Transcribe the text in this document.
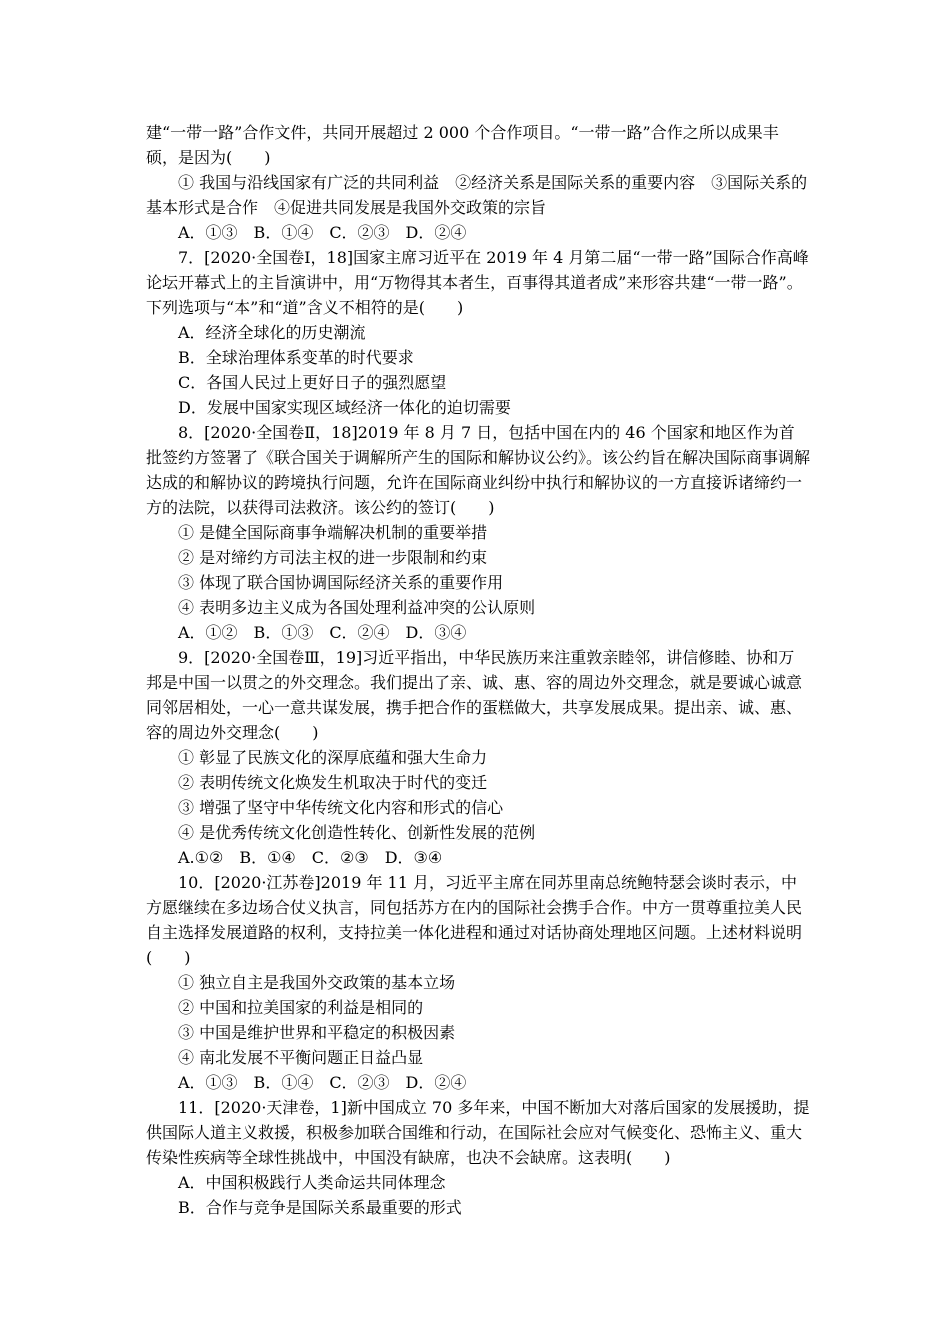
建“一带一路”合作文件，共同开展超过 2 000 个合作项目。“一带一路”合作之所以成果丰硕，是因为(　　)

① 我国与沿线国家有广泛的共同利益　②经济关系是国际关系的重要内容　③国际关系的基本形式是合作　④促进共同发展是我国外交政策的宗旨

A．①③　B．①④　C．②③　D．②④

7．[2020·全国卷Ⅰ，18]国家主席习近平在 2019 年 4 月第二届“一带一路”国际合作高峰论坛开幕式上的主旨演讲中，用“万物得其本者生，百事得其道者成”来形容共建“一带一路”。下列选项与“本”和“道”含义不相符的是(　　)

A．经济全球化的历史潮流

B．全球治理体系变革的时代要求

C．各国人民过上更好日子的强烈愿望

D．发展中国家实现区域经济一体化的迫切需要

8．[2020·全国卷Ⅱ，18]2019 年 8 月 7 日，包括中国在内的 46 个国家和地区作为首批签约方签署了《联合国关于调解所产生的国际和解协议公约》。该公约旨在解决国际商事调解达成的和解协议的跨境执行问题，允许在国际商业纠纷中执行和解协议的一方直接诉诸缔约一方的法院，以获得司法救济。该公约的签订(　　)

① 是健全国际商事争端解决机制的重要举措

② 是对缔约方司法主权的进一步限制和约束

③ 体现了联合国协调国际经济关系的重要作用

④ 表明多边主义成为各国处理利益冲突的公认原则

A．①②　B．①③　C．②④　D．③④

9．[2020·全国卷Ⅲ，19]习近平指出，中华民族历来注重敦亲睦邻，讲信修睦、协和万邦是中国一以贯之的外交理念。我们提出了亲、诚、惠、容的周边外交理念，就是要诚心诚意同邻居相处，一心一意共谋发展，携手把合作的蛋糕做大，共享发展成果。提出亲、诚、惠、容的周边外交理念(　　)

① 彰显了民族文化的深厚底蕴和强大生命力

② 表明传统文化焕发生机取决于时代的变迁

③ 增强了坚守中华传统文化内容和形式的信心

④ 是优秀传统文化创造性转化、创新性发展的范例

A.①②　B．①④　C．②③　D．③④

10．[2020·江苏卷]2019 年 11 月，习近平主席在同苏里南总统鲍特瑟会谈时表示，中方愿继续在多边场合仗义执言，同包括苏方在内的国际社会携手合作。中方一贯尊重拉美人民自主选择发展道路的权利，支持拉美一体化进程和通过对话协商处理地区问题。上述材料说明(　　)

① 独立自主是我国外交政策的基本立场

② 中国和拉美国家的利益是相同的

③ 中国是维护世界和平稳定的积极因素

④ 南北发展不平衡问题正日益凸显

A．①③　B．①④　C．②③　D．②④

11．[2020·天津卷，1]新中国成立 70 多年来，中国不断加大对落后国家的发展援助，提供国际人道主义救援，积极参加联合国维和行动，在国际社会应对气候变化、恐怖主义、重大传染性疾病等全球性挑战中，中国没有缺席，也决不会缺席。这表明(　　)

A．中国积极践行人类命运共同体理念

B．合作与竞争是国际关系最重要的形式
